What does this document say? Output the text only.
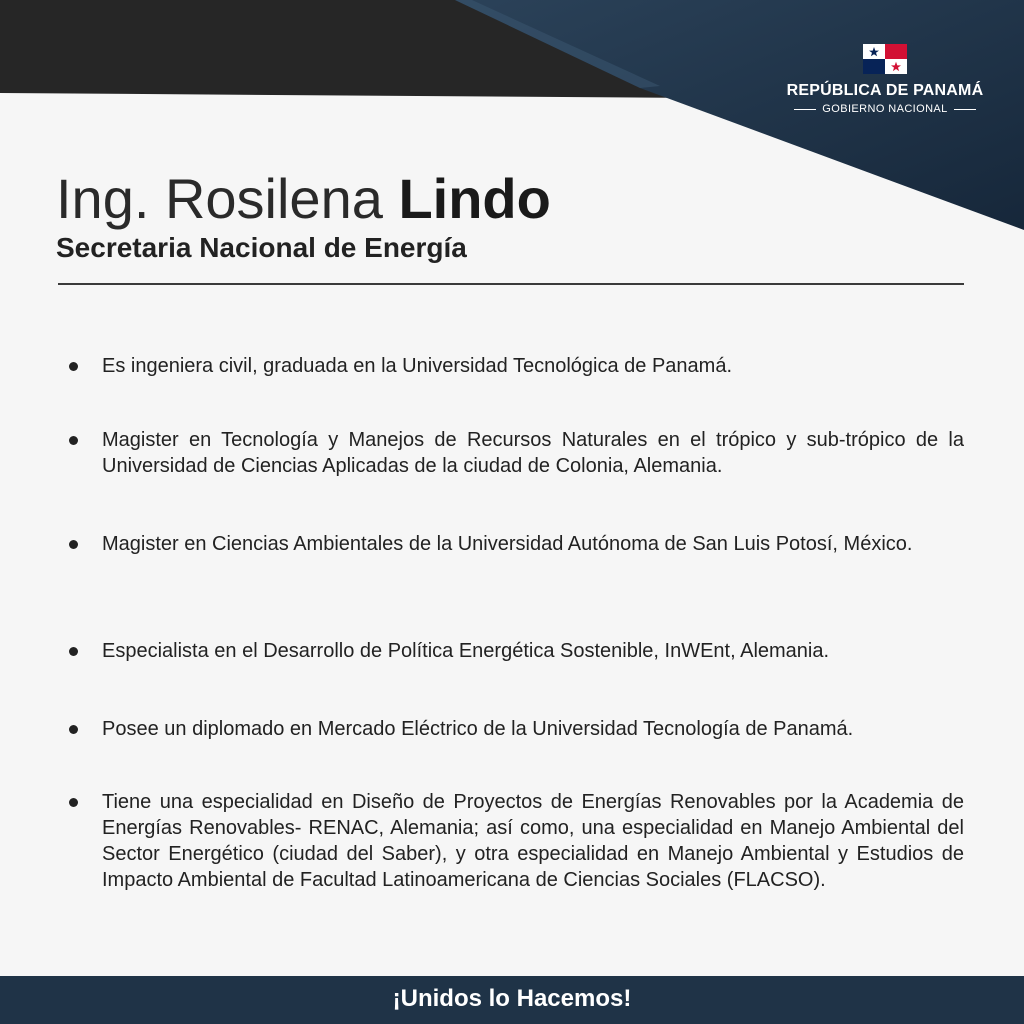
REPÚBLICA DE PANAMÁ
GOBIERNO NACIONAL
Ing. Rosilena Lindo
Secretaria Nacional de Energía
Es ingeniera civil, graduada en la Universidad Tecnológica de Panamá.
Magister en Tecnología y Manejos de Recursos Naturales en el trópico y sub-trópico de la Universidad de Ciencias Aplicadas de la ciudad de Colonia, Alemania.
Magister en Ciencias Ambientales de la Universidad Autónoma de San Luis Potosí, México.
Especialista en el Desarrollo de Política Energética Sostenible, InWEnt, Alemania.
Posee un diplomado en Mercado Eléctrico de la Universidad Tecnología de Panamá.
Tiene una especialidad en Diseño de Proyectos de Energías Renovables por la Academia de Energías Renovables- RENAC, Alemania; así como, una especialidad en Manejo Ambiental del Sector Energético (ciudad del Saber), y otra especialidad en Manejo Ambiental y Estudios de Impacto Ambiental de Facultad Latinoamericana de Ciencias Sociales (FLACSO).
¡Unidos lo Hacemos!
